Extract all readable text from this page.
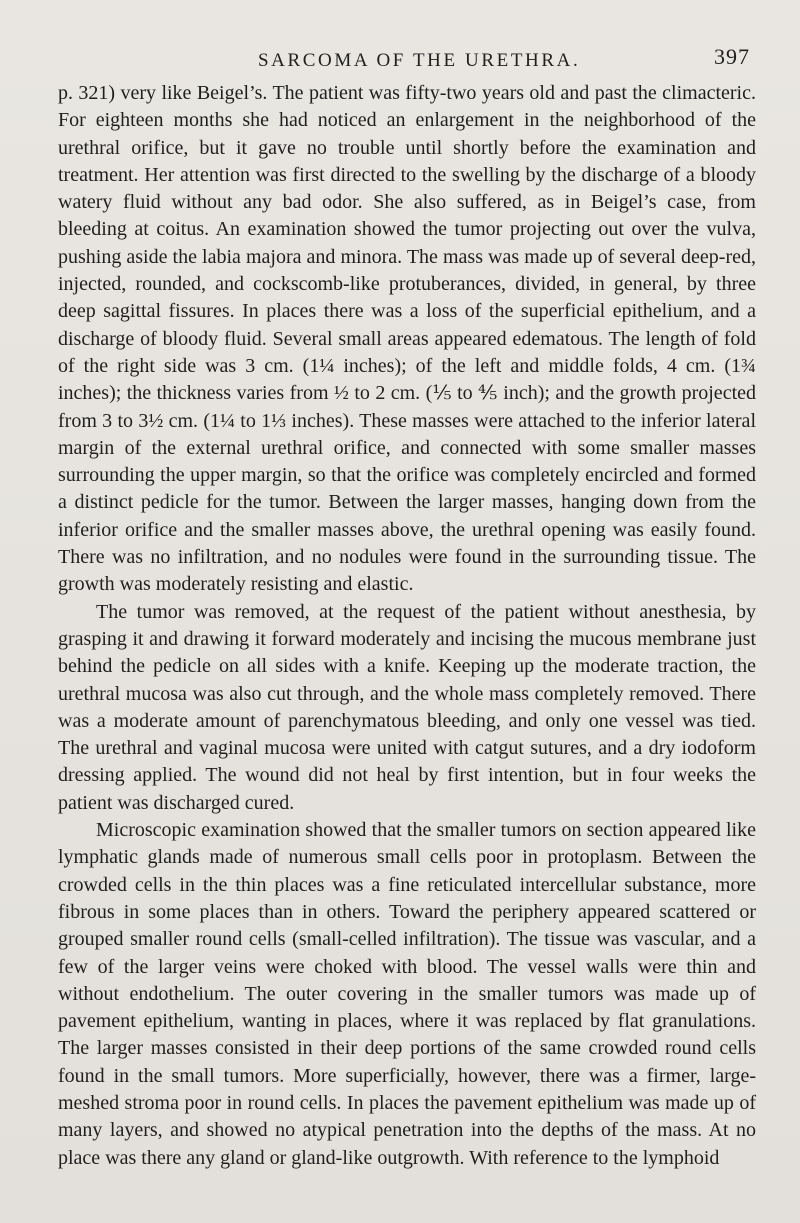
SARCOMA OF THE URETHRA.	397

p. 321) very like Beigel’s. The patient was fifty-two years old and past the climacteric. For eighteen months she had noticed an enlargement in the neighborhood of the urethral orifice, but it gave no trouble until shortly before the examination and treatment. Her attention was first directed to the swelling by the discharge of a bloody watery fluid without any bad odor. She also suffered, as in Beigel’s case, from bleeding at coitus. An examination showed the tumor projecting out over the vulva, pushing aside the labia majora and minora. The mass was made up of several deep-red, injected, rounded, and cockscomb-like protuberances, divided, in general, by three deep sagittal fissures. In places there was a loss of the superficial epithelium, and a discharge of bloody fluid. Several small areas appeared edematous. The length of fold of the right side was 3 cm. (1¼ inches); of the left and middle folds, 4 cm. (1¾ inches); the thickness varies from ½ to 2 cm. (⅕ to ⅘ inch); and the growth projected from 3 to 3½ cm. (1¼ to 1⅓ inches). These masses were attached to the inferior lateral margin of the external urethral orifice, and connected with some smaller masses surrounding the upper margin, so that the orifice was completely encircled and formed a distinct pedicle for the tumor. Between the larger masses, hanging down from the inferior orifice and the smaller masses above, the urethral opening was easily found. There was no infiltration, and no nodules were found in the surrounding tissue. The growth was moderately resisting and elastic.

The tumor was removed, at the request of the patient without anesthesia, by grasping it and drawing it forward moderately and incising the mucous membrane just behind the pedicle on all sides with a knife. Keeping up the moderate traction, the urethral mucosa was also cut through, and the whole mass completely removed. There was a moderate amount of parenchymatous bleeding, and only one vessel was tied. The urethral and vaginal mucosa were united with catgut sutures, and a dry iodoform dressing applied. The wound did not heal by first intention, but in four weeks the patient was discharged cured.

Microscopic examination showed that the smaller tumors on section appeared like lymphatic glands made of numerous small cells poor in protoplasm. Between the crowded cells in the thin places was a fine reticulated intercellular substance, more fibrous in some places than in others. Toward the periphery appeared scattered or grouped smaller round cells (small-celled infiltration). The tissue was vascular, and a few of the larger veins were choked with blood. The vessel walls were thin and without endothelium. The outer covering in the smaller tumors was made up of pavement epithelium, wanting in places, where it was replaced by flat granulations. The larger masses consisted in their deep portions of the same crowded round cells found in the small tumors. More superficially, however, there was a firmer, large-meshed stroma poor in round cells. In places the pavement epithelium was made up of many layers, and showed no atypical penetration into the depths of the mass. At no place was there any gland or gland-like outgrowth. With reference to the lymphoid
